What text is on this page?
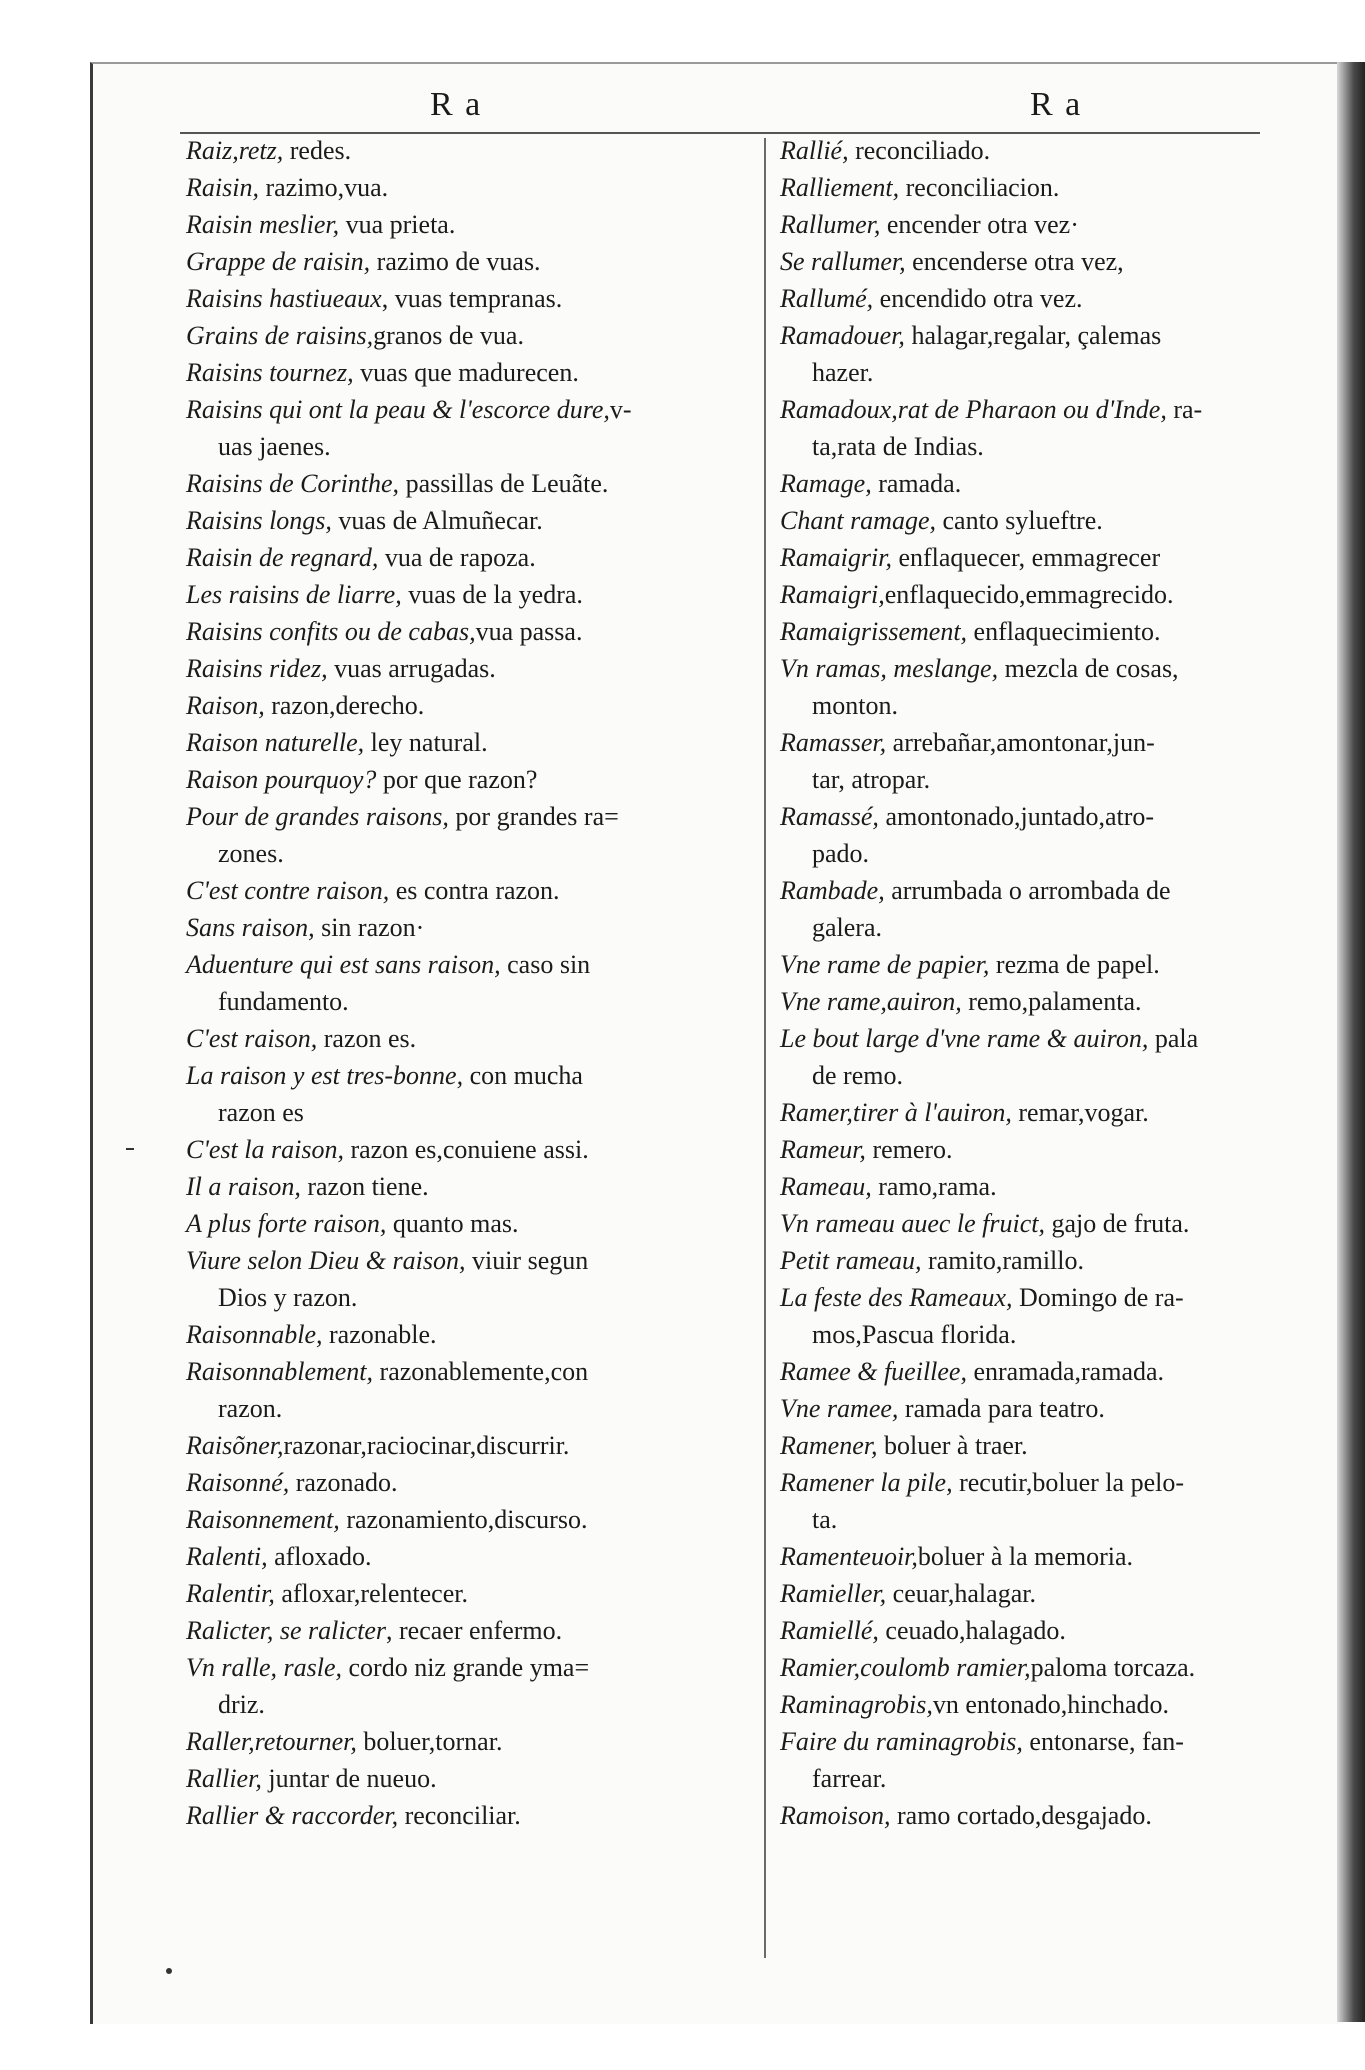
R a	R a

Raiz,retz, redes.

Raisin, razimo,vua.

Raisin meslier, vua prieta.

Grappe de raisin, razimo de vuas.

Raisins hastiueaux, vuas tempranas.

Grains de raisins,granos de vua.

Raisins tournez, vuas que madurecen.

Raisins qui ont la peau & l'escorce dure,v-
uas jaenes.

Raisins de Corinthe, passillas de Leuãte.

Raisins longs, vuas de Almuñecar.

Raisin de regnard, vua de rapoza.

Les raisins de liarre, vuas de la yedra.

Raisins confits ou de cabas,vua passa.

Raisins ridez, vuas arrugadas.

Raison, razon,derecho.

Raison naturelle, ley natural.

Raison pourquoy? por que razon?

Pour de grandes raisons, por grandes ra=
zones.

C'est contre raison, es contra razon.

Sans raison, sin razon·

Aduenture qui est sans raison, caso sin
fundamento.

C'est raison, razon es.

La raison y est tres-bonne, con mucha
razon es

C'est la raison, razon es,conuiene assi.

Il a raison, razon tiene.

A plus forte raison, quanto mas.

Viure selon Dieu & raison, viuir segun
Dios y razon.

Raisonnable, razonable.

Raisonnablement, razonablemente,con
razon.

Raisõner,razonar,raciocinar,discurrir.

Raisonné, razonado.

Raisonnement, razonamiento,discurso.

Ralenti, afloxado.

Ralentir, afloxar,relentecer.

Ralicter, se ralicter, recaer enfermo.

Vn ralle, rasle, cordo niz grande yma=
driz.

Raller,retourner, boluer,tornar.

Rallier, juntar de nueuo.

Rallier & raccorder, reconciliar.

Rallié, reconciliado.

Ralliement, reconciliacion.

Rallumer, encender otra vez·

Se rallumer, encenderse otra vez,

Rallumé, encendido otra vez.

Ramadouer, halagar,regalar, çalemas
hazer.

Ramadoux,rat de Pharaon ou d'Inde, ra-
ta,rata de Indias.

Ramage, ramada.

Chant ramage, canto sylueftre.

Ramaigrir, enflaquecer, emmagrecer

Ramaigri,enflaquecido,emmagrecido.

Ramaigrissement, enflaquecimiento.

Vn ramas, meslange, mezcla de cosas,
monton.

Ramasser, arrebañar,amontonar,jun-
tar, atropar.

Ramassé, amontonado,juntado,atro-
pado.

Rambade, arrumbada o arrombada de
galera.

Vne rame de papier, rezma de papel.

Vne rame,auiron, remo,palamenta.

Le bout large d'vne rame & auiron, pala
de remo.

Ramer,tirer à l'auiron, remar,vogar.

Rameur, remero.

Rameau, ramo,rama.

Vn rameau auec le fruict, gajo de fruta.

Petit rameau, ramito,ramillo.

La feste des Rameaux, Domingo de ra-
mos,Pascua florida.

Ramee & fueillee, enramada,ramada.

Vne ramee, ramada para teatro.

Ramener, boluer à traer.

Ramener la pile, recutir,boluer la pelo-
ta.

Ramenteuoir,boluer à la memoria.

Ramieller, ceuar,halagar.

Ramiellé, ceuado,halagado.

Ramier,coulomb ramier,paloma torcaza.

Raminagrobis,vn entonado,hinchado.

Faire du raminagrobis, entonarse, fan-
farrear.

Ramoison, ramo cortado,desgajado.
